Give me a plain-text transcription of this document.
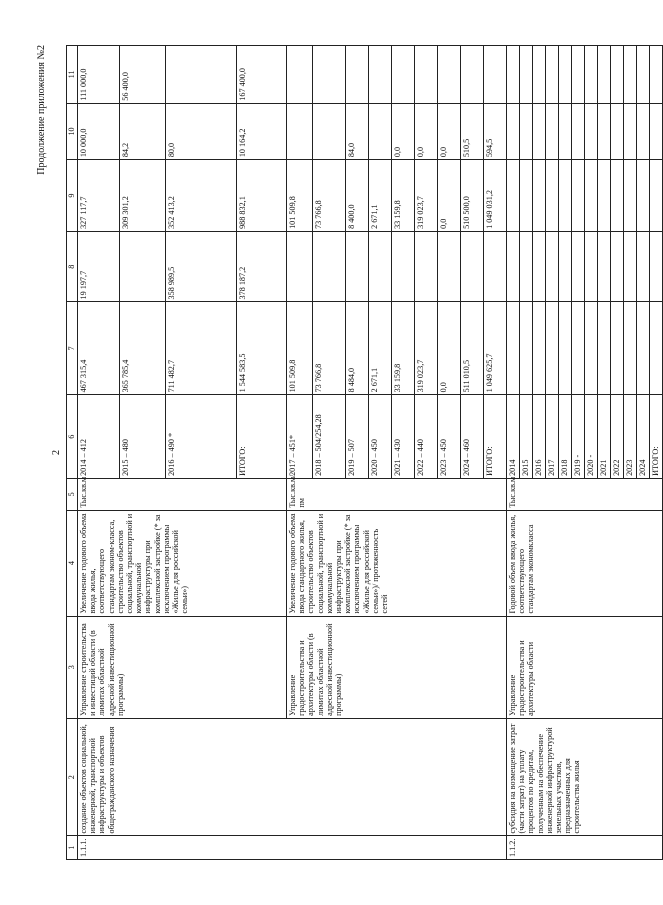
Продолжение приложения №2
2
1	2	3	4	5	6	7	8	9	10	11
1.1.1.	создание объектов социальной, инженерной, транспортной инфраструктуры и объектов общегражданского назначения	Управление строительства и инвестиций области (в лимитах областной адресной инвестиционной программы)	Увеличение годового объема ввода жилья, соответствующего стандартам эконом-класса, строительство объектов социальной, транспортной и коммунальной инфраструктуры при комплексной застройке (* за исключением программы «Жилье для российской семьи»)	Тыс.кв.м	2014 – 412	467 315,4	19 197,7	327 117,7	10 000,0	111 000,0
					2015 – 480	365 785,4		309 301,2	84,2	56 400,0
					2016 – 490 *	711 482,7	358 989,5	352 413,2	80,0	
					ИТОГО:	1 544 583,5	378 187,2	988 832,1	10 164,2	167 400,0
		Управление градостроительства и архитектуры области (в лимитах областной адресной инвестиционной программы)	Увеличение годового объема ввода стандартного жилья, строительство объектов социальной, транспортной и коммунальной инфраструктуры при комплексной застройке (* за исключением программы «Жилье для российской семьи»)/ протяженность сетей	Тыс.кв.м/ пм	2017 – 451*	101 509,8		101 509,8		
					2018 – 504/254,28	73 766,8		73 766,8		
					2019 – 507	8 484,0		8 400,0	84,0	
					2020 – 450	2 671,1		2 671,1		
					2021 – 430	33 159,8		33 159,8	0,0	
					2022 – 440	319 023,7		319 023,7	0,0	
					2023 – 450	0,0		0,0	0,0	
					2024 – 460	511 010,5		510 500,0	510,5	
					ИТОГО:	1 049 625,7		1 049 031,2	594,5	
1.1.2.	субсидия на возмещение затрат (части затрат) на уплату процентов по кредитам, полученным на обеспечение инженерной инфраструктурой земельных участков, предназначенных для строительства жилья	Управление градостроительства и архитектуры области	Годовой объем ввода жилья, соответствующего стандартам экономкласса	Тыс.кв.м	2014					
					2015					
					2016					
					2017					
					2018					
					2019 -					
					2020 -					
					2021					
					2022					
					2023					
					2024					
					ИТОГО:					
